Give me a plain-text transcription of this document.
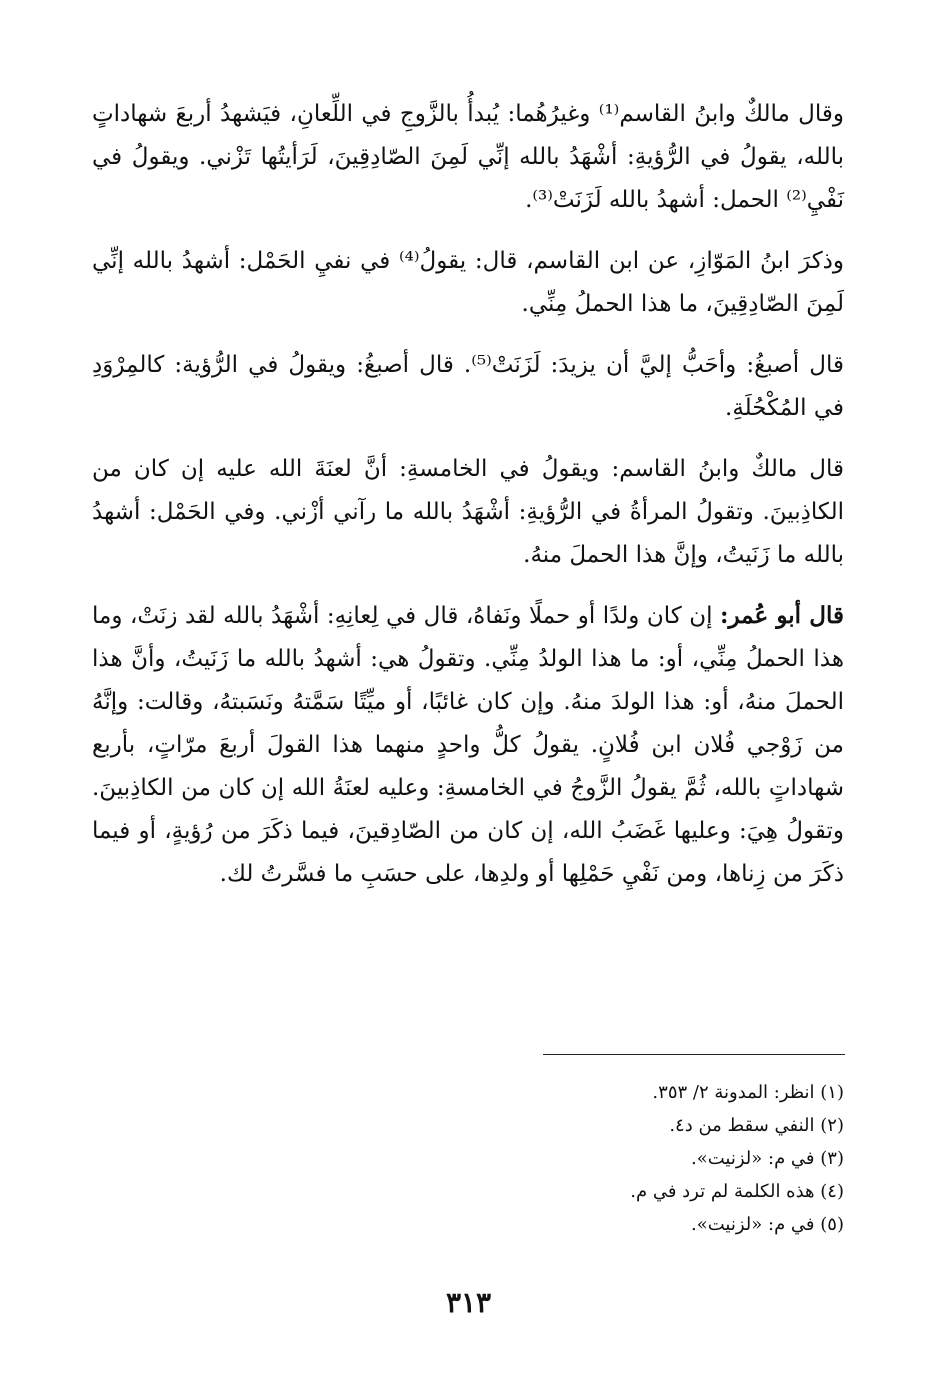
وقال مالكٌ وابنُ القاسم⁽¹⁾ وغيرُهُما: يُبدأُ بالزَّوجِ في اللِّعانِ، فيَشهدُ أربعَ شهاداتٍ بالله، يقولُ في الرُّؤيةِ: أشْهَدُ بالله إنِّي لَمِنَ الصّادِقِينَ، لَرَأيتُها تَزْني. ويقولُ في نَفْيِ⁽²⁾ الحمل: أشهدُ بالله لَزَنَتْ⁽³⁾.

وذكرَ ابنُ المَوّازِ، عن ابن القاسم، قال: يقولُ⁽⁴⁾ في نفيِ الحَمْل: أشهدُ بالله إنِّي لَمِنَ الصّادِقِينَ، ما هذا الحملُ مِنِّي.

قال أصبغُ: وأحَبُّ إليَّ أن يزيدَ: لَزَنَتْ⁽⁵⁾. قال أصبغُ: ويقولُ في الرُّؤية: كالمِرْوَدِ في المُكْحُلَةِ.

قال مالكٌ وابنُ القاسم: ويقولُ في الخامسةِ: أنَّ لعنَةَ الله عليه إن كان من الكاذِبينَ. وتقولُ المرأةُ في الرُّؤيةِ: أشْهَدُ بالله ما رآني أزْني. وفي الحَمْل: أشهدُ بالله ما زَنَيتُ، وإنَّ هذا الحملَ منهُ.

قال أبو عُمر: إن كان ولدًا أو حملًا ونَفاهُ، قال في لِعانِهِ: أشْهَدُ بالله لقد زنَتْ، وما هذا الحملُ مِنِّي، أو: ما هذا الولدُ مِنِّي. وتقولُ هي: أشهدُ بالله ما زَنَيتُ، وأنَّ هذا الحملَ منهُ، أو: هذا الولدَ منهُ. وإن كان غائبًا، أو ميِّتًا سَمَّتهُ ونَسَبتهُ، وقالت: وإنَّهُ من زَوْجي فُلان ابن فُلانٍ. يقولُ كلُّ واحدٍ منهما هذا القولَ أربعَ مرّاتٍ، بأربع شهاداتٍ بالله، ثُمَّ يقولُ الزَّوجُ في الخامسةِ: وعليه لعنَةُ الله إن كان من الكاذِبينَ. وتقولُ هِيَ: وعليها غَضَبُ الله، إن كان من الصّادِقينَ، فيما ذكَرَ من رُؤيةٍ، أو فيما ذكَرَ من زِناها، ومن نَفْيِ حَمْلِها أو ولدِها، على حسَبِ ما فسَّرتُ لك.

(١) انظر: المدونة ٢/ ٣٥٣.

(٢) النفي سقط من د٤.

(٣) في م: «لزنيت».

(٤) هذه الكلمة لم ترد في م.

(٥) في م: «لزنيت».

٣١٣
